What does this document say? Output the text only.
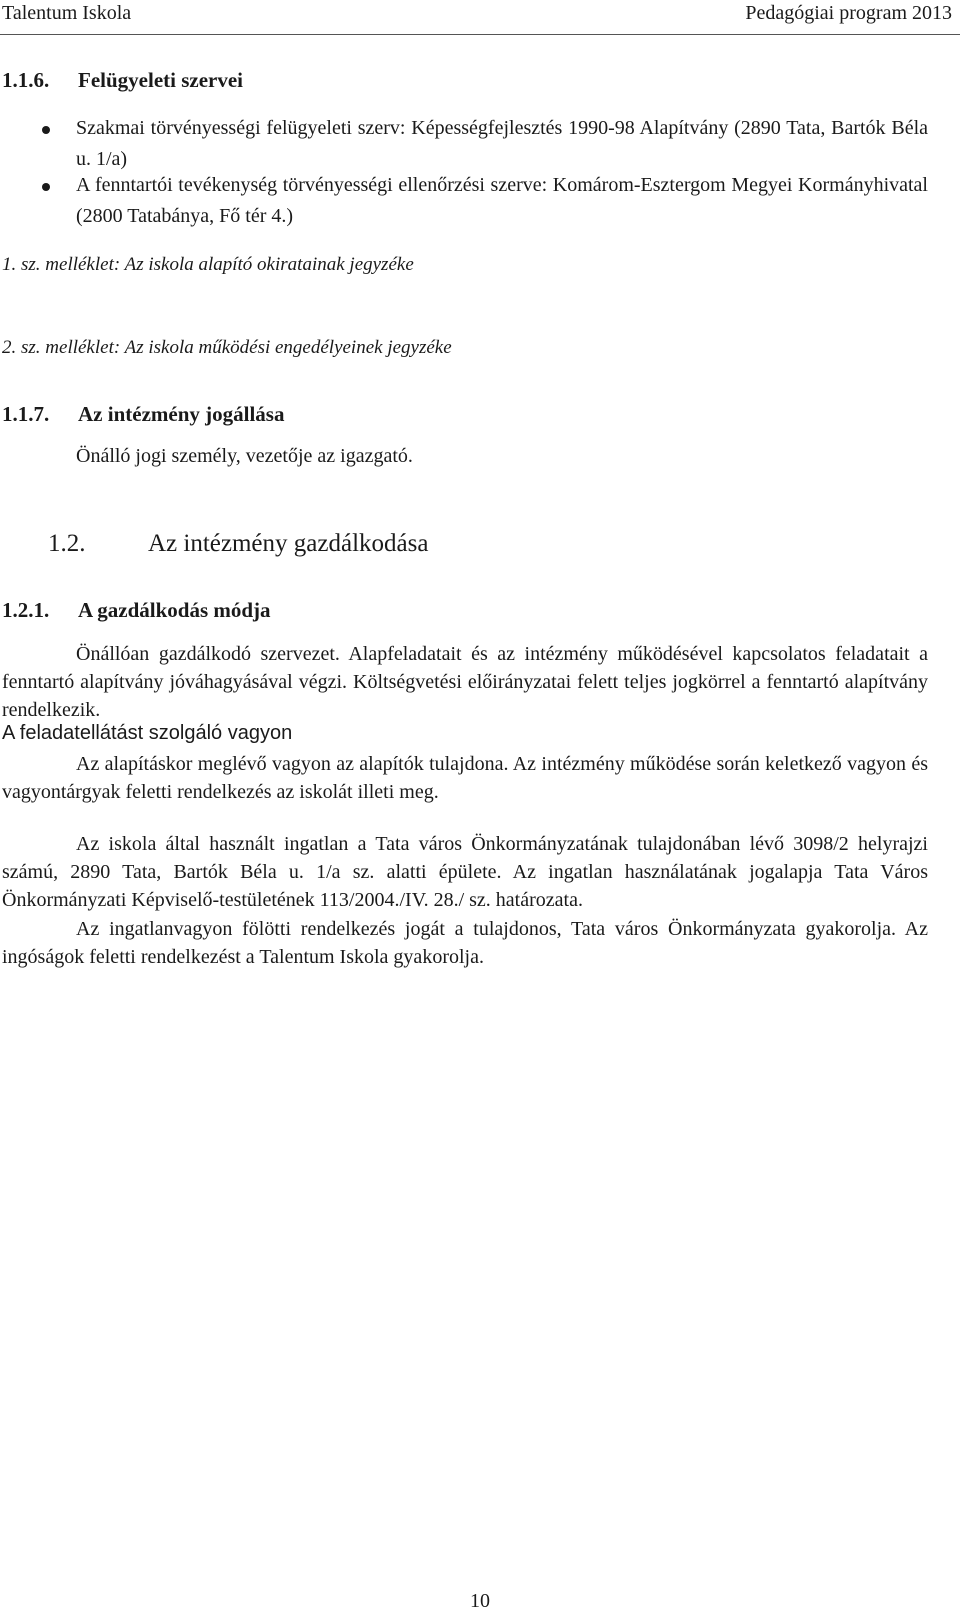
Talentum Iskola	Pedagógiai program 2013
1.1.6. Felügyeleti szervei
Szakmai törvényességi felügyeleti szerv: Képességfejlesztés 1990-98 Alapítvány (2890 Tata, Bartók Béla u. 1/a)
A fenntartói tevékenység törvényességi ellenőrzési szerve: Komárom-Esztergom Megyei Kormányhivatal (2800 Tatabánya, Fő tér 4.)
1. sz. melléklet: Az iskola alapító okiratainak jegyzéke
2. sz. melléklet: Az iskola működési engedélyeinek jegyzéke
1.1.7. Az intézmény jogállása
Önálló jogi személy, vezetője az igazgató.
1.2.	Az intézmény gazdálkodása
1.2.1. A gazdálkodás módja
Önállóan gazdálkodó szervezet. Alapfeladatait és az intézmény működésével kapcsolatos feladatait a fenntartó alapítvány jóváhagyásával végzi. Költségvetési előirányzatai felett teljes jogkörrel a fenntartó alapítvány rendelkezik.
A feladatellátást szolgáló vagyon
Az alapításkor meglévő vagyon az alapítók tulajdona. Az intézmény működése során keletkező vagyon és vagyontárgyak feletti rendelkezés az iskolát illeti meg.
Az iskola által használt ingatlan a Tata város Önkormányzatának tulajdonában lévő 3098/2 helyrajzi számú, 2890 Tata, Bartók Béla u. 1/a sz. alatti épülete. Az ingatlan használatának jogalapja Tata Város Önkormányzati Képviselő-testületének 113/2004./IV. 28./ sz. határozata.
Az ingatlanvagyon fölötti rendelkezés jogát a tulajdonos, Tata város Önkormányzata gyakorolja. Az ingóságok feletti rendelkezést a Talentum Iskola gyakorolja.
10
